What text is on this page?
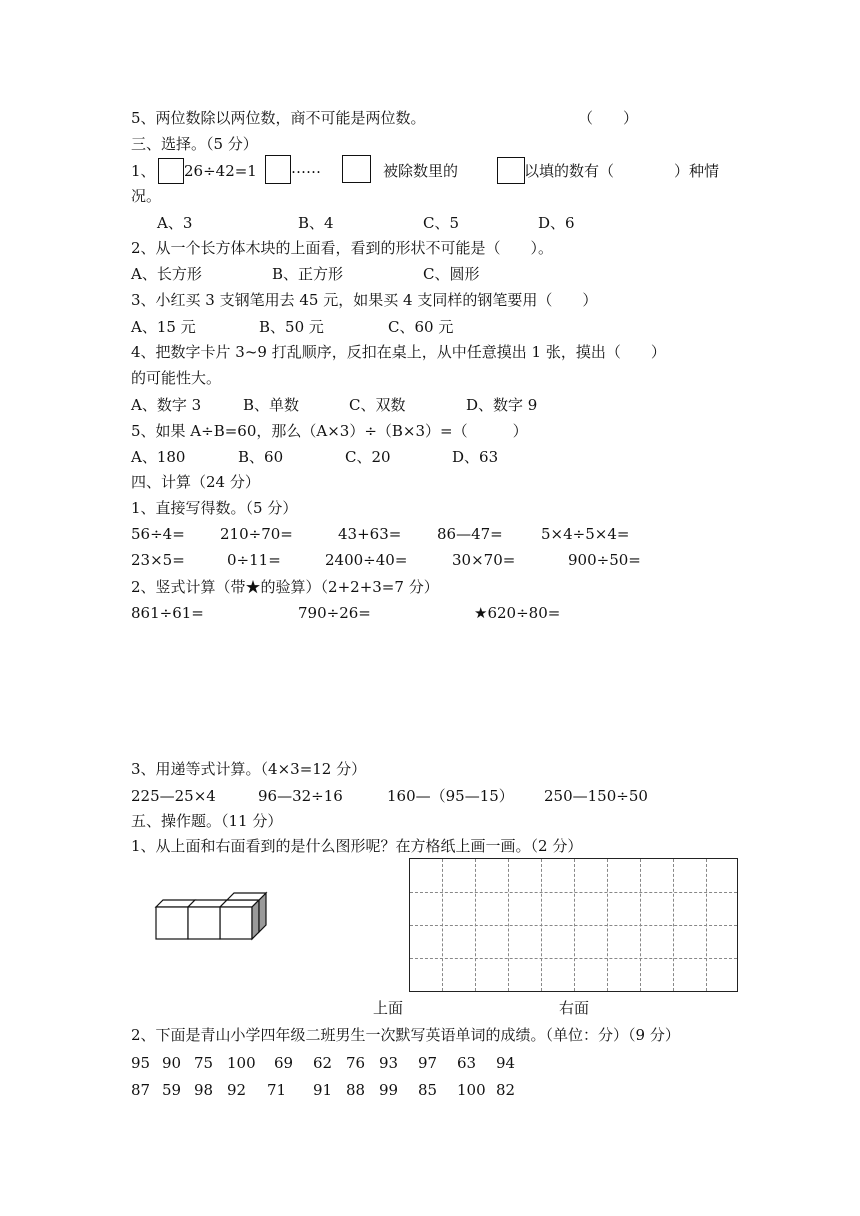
5、两位数除以两位数，商不可能是两位数。	（　　）
三、选择。（5 分）
1、 26÷42=1 ……	被除数里的	以填的数有（　　　　）种情
况。
A、3	B、4	C、5	D、6
2、从一个长方体木块的上面看，看到的形状不可能是（　　）。
A、长方形	B、正方形	C、圆形
3、小红买 3 支钢笔用去 45 元，如果买 4 支同样的钢笔要用（　　）
A、15 元	B、50 元	C、60 元
4、把数字卡片 3~9 打乱顺序，反扣在桌上，从中任意摸出 1 张，摸出（　　）
的可能性大。
A、数字 3	B、单数	C、双数	D、数字 9
5、如果 A÷B=60，那么（A×3）÷（B×3）=（　　　）
A、180	B、60	C、20	D、63
四、计算（24 分）
1、直接写得数。（5 分）
56÷4= 210÷70=	43+63= 86—47=	5×4÷5×4=
23×5=	0÷11=	2400÷40=	30×70=	900÷50=
2、竖式计算（带★的验算）（2+2+3=7 分）
861÷61=	790÷26=	★620÷80=
3、用递等式计算。（4×3=12 分）
225—25×4	96—32÷16	160—（95—15） 250—150÷50
五、操作题。（11 分）
1、从上面和右面看到的是什么图形呢？在方格纸上画一画。（2 分）
上面	右面
2、下面是青山小学四年级二班男生一次默写英语单词的成绩。（单位：分）（9 分）
95 90 75 100 69 62 76 93 97 63 94
87 59 98 92 71 91 88 99 85 100 82
